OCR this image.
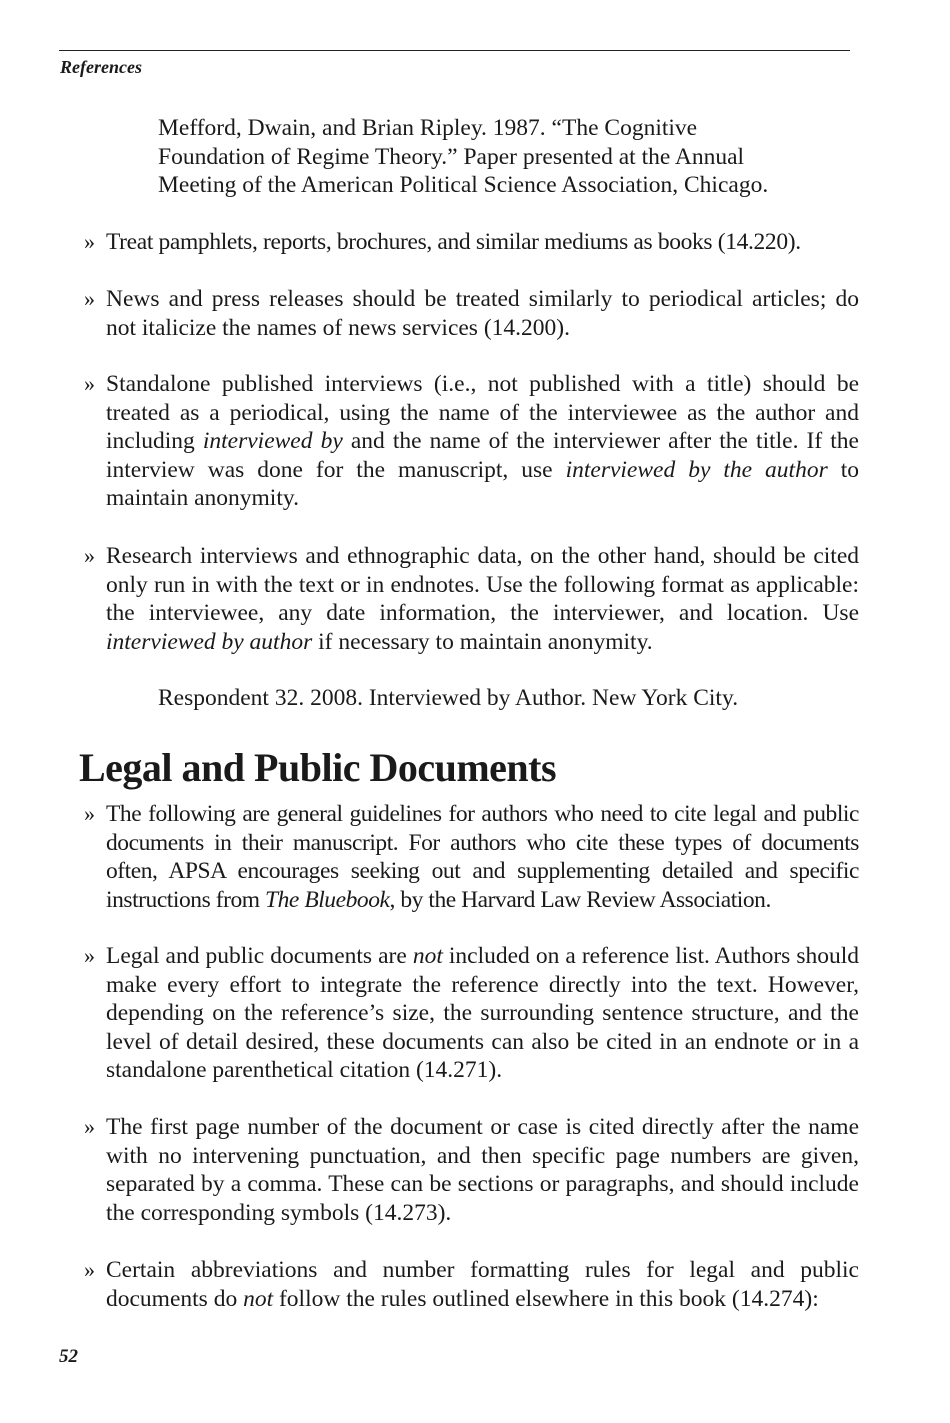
References
Mefford, Dwain, and Brian Ripley. 1987. “The Cognitive
Foundation of Regime Theory.” Paper presented at the Annual
Meeting of the American Political Science Association, Chicago.
» Treat pamphlets, reports, brochures, and similar mediums as books (14.220).
» News and press releases should be treated similarly to periodical articles; do not italicize the names of news services (14.200).
» Standalone published interviews (i.e., not published with a title) should be treated as a periodical, using the name of the interviewee as the author and including interviewed by and the name of the interviewer after the title. If the interview was done for the manuscript, use interviewed by the author to maintain anonymity.
» Research interviews and ethnographic data, on the other hand, should be cited only run in with the text or in endnotes. Use the following format as applicable: the interviewee, any date information, the interviewer, and location. Use interviewed by author if necessary to maintain anonymity.
Respondent 32. 2008. Interviewed by Author. New York City.
Legal and Public Documents
» The following are general guidelines for authors who need to cite legal and public documents in their manuscript. For authors who cite these types of documents often, APSA encourages seeking out and supplementing detailed and specific instructions from The Bluebook, by the Harvard Law Review Association.
» Legal and public documents are not included on a reference list. Authors should make every effort to integrate the reference directly into the text. However, depending on the reference’s size, the surrounding sentence structure, and the level of detail desired, these documents can also be cited in an endnote or in a standalone parenthetical citation (14.271).
» The first page number of the document or case is cited directly after the name with no intervening punctuation, and then specific page numbers are given, separated by a comma. These can be sections or paragraphs, and should include the corresponding symbols (14.273).
» Certain abbreviations and number formatting rules for legal and public documents do not follow the rules outlined elsewhere in this book (14.274):
52
